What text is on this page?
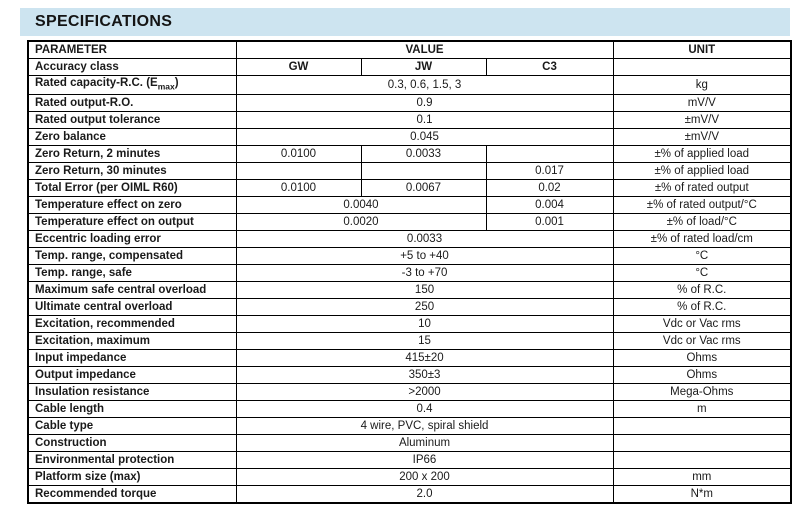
SPECIFICATIONS
PARAMETER	VALUE			UNIT
Accuracy class	GW	JW	C3	
Rated capacity-R.C. $(E_{max})$	0.3, 0.6, 1.5, 3			kg
Rated output-R.O.	0.9			mV/V
Rated output tolerance	0.1			±mV/V
Zero balance	0.045			±mV/V
Zero Return, 2 minutes	0.0100	0.0033		±% of applied load
Zero Return, 30 minutes			0.017	±% of applied load
Total Error (per OIML R60)	0.0100	0.0067	0.02	±% of rated output
Temperature effect on zero	0.0040		0.004	±% of rated output/°C
Temperature effect on output	0.0020		0.001	±% of load/°C
Eccentric loading error	0.0033			±% of rated load/cm
Temp. range, compensated	+5 to +40			°C
Temp. range, safe	-3 to +70			°C
Maximum safe central overload	150			% of R.C.
Ultimate central overload	250			% of R.C.
Excitation, recommended	10			Vdc or Vac rms
Excitation, maximum	15			Vdc or Vac rms
Input impedance	415±20			Ohms
Output impedance	350±3			Ohms
Insulation resistance	>2000			Mega-Ohms
Cable length	0.4			m
Cable type	4 wire, PVC, spiral shield			
Construction	Aluminum			
Environmental protection	IP66			
Platform size (max)	200 x 200			mm
Recommended torque	2.0			N*m
